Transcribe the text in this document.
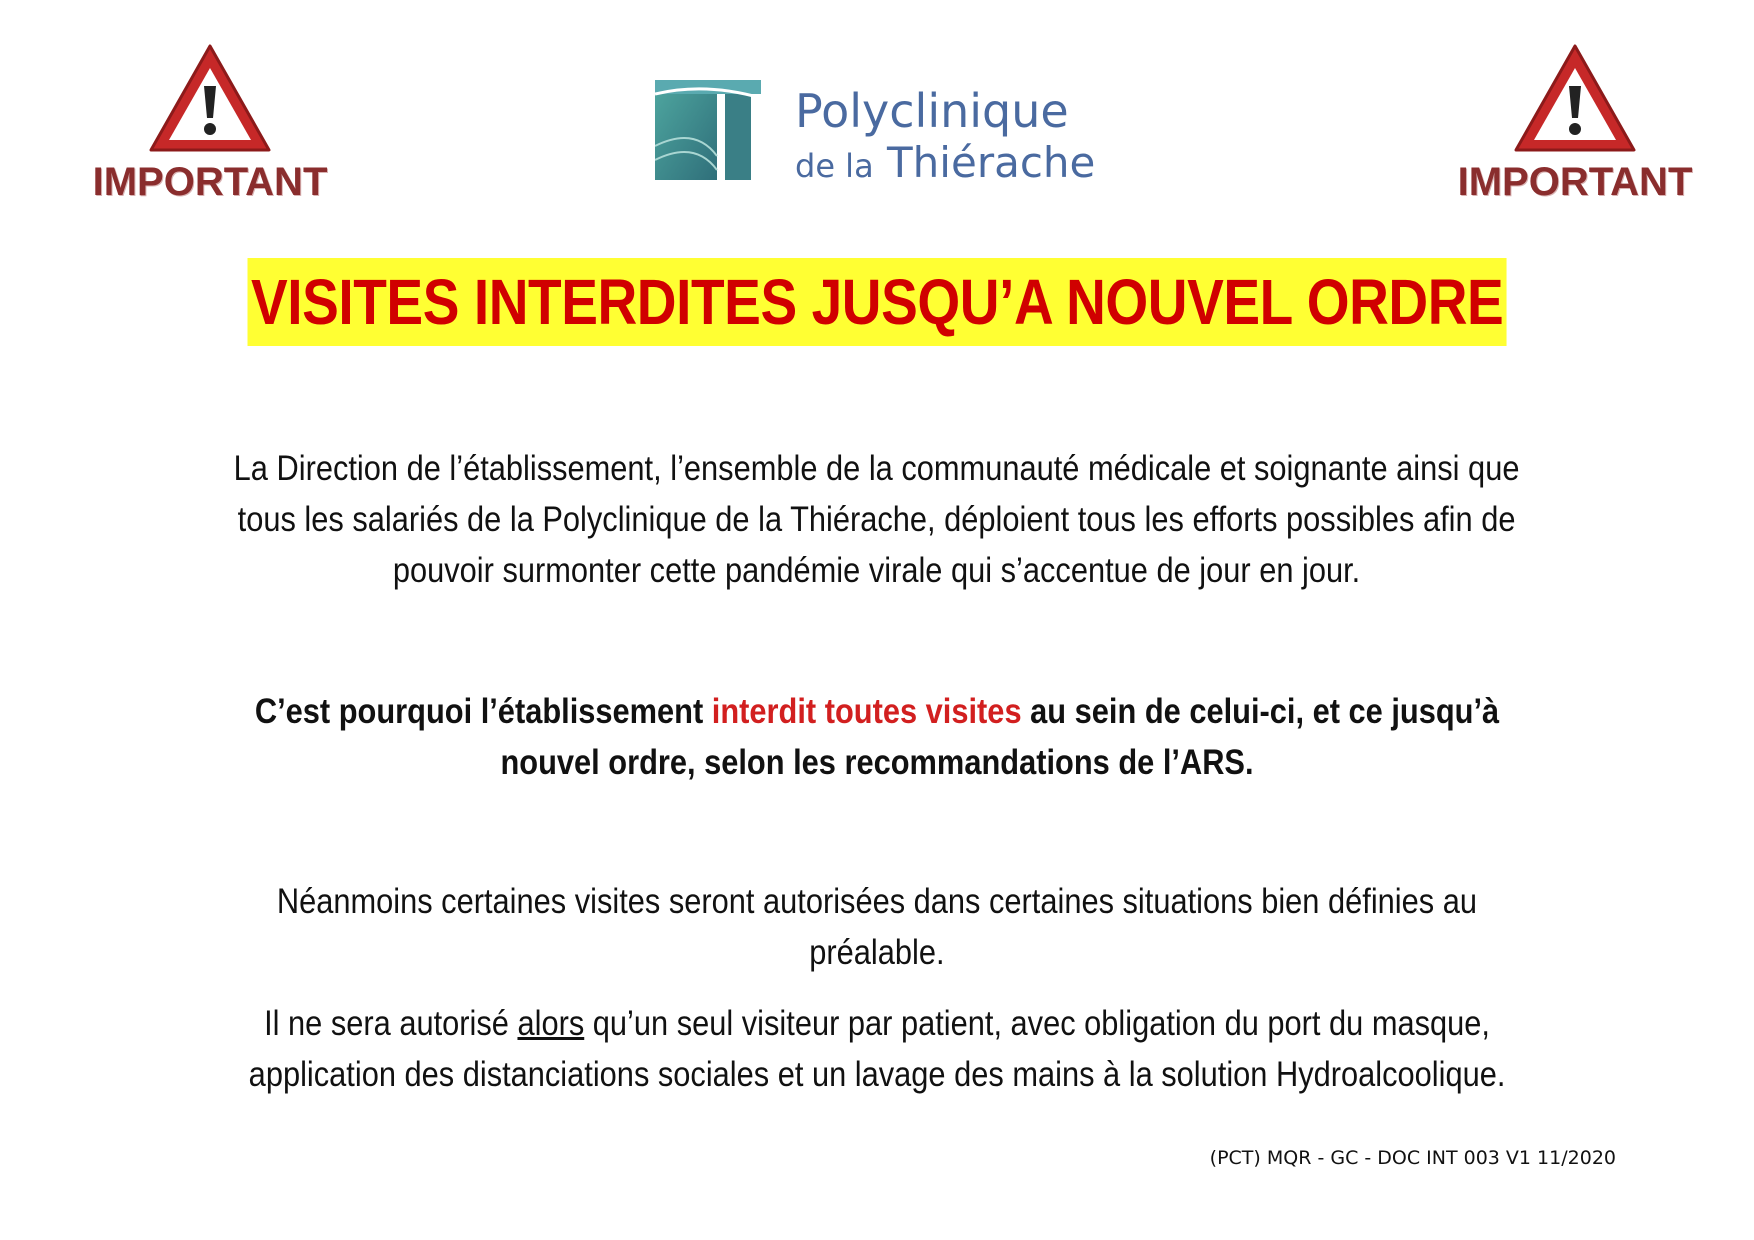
IMPORTANT
Polyclinique
de la Thiérache	IMPORTANT
VISITES INTERDITES JUSQU’A NOUVEL ORDRE
La Direction de l’établissement, l’ensemble de la communauté médicale et soignante ainsi que
tous les salariés de la Polyclinique de la Thiérache, déploient tous les efforts possibles afin de
pouvoir surmonter cette pandémie virale qui s’accentue de jour en jour.
C’est pourquoi l’établissement interdit toutes visites au sein de celui-ci, et ce jusqu’à
nouvel ordre, selon les recommandations de l’ARS.
Néanmoins certaines visites seront autorisées dans certaines situations bien définies au
préalable.
Il ne sera autorisé alors qu’un seul visiteur par patient, avec obligation du port du masque,
application des distanciations sociales et un lavage des mains à la solution Hydroalcoolique.
(PCT) MQR - GC - DOC INT 003 V1 11/2020
